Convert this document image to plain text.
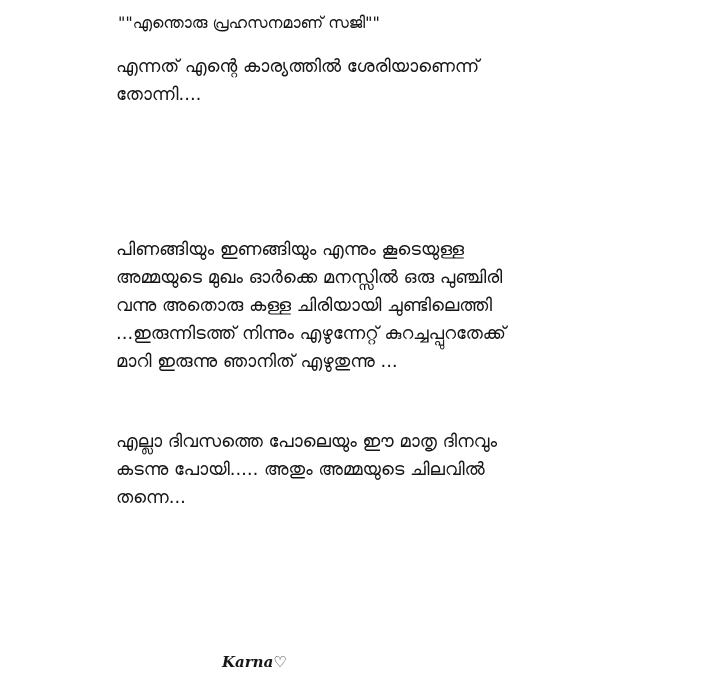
""എന്തൊരു പ്രഹസനമാണ് സജി""
എന്നത് എന്റെ കാര്യത്തിൽ ശേരിയാണെന്ന്
തോന്നി....
പിണങ്ങിയും ഇണങ്ങിയും എന്നും കൂടെയുള്ള
അമ്മയുടെ മുഖം ഓർക്കെ മനസ്സിൽ ഒരു പുഞ്ചിരി
വന്നു അതൊരു കള്ള ചിരിയായി ചുണ്ടിലെത്തി
...ഇരുന്നിടത്ത് നിന്നും എഴുന്നേറ്റ് കുറച്ചപ്പുറതേക്ക്
മാറി ഇരുന്നു ഞാനിത് എഴുതുന്നു ...
എല്ലാ ദിവസത്തെ പോലെയും ഈ മാതൃ ദിനവും
കടന്നു പോയി..... അതും അമ്മയുടെ ചിലവിൽ
തന്നെ...
Karna♡
